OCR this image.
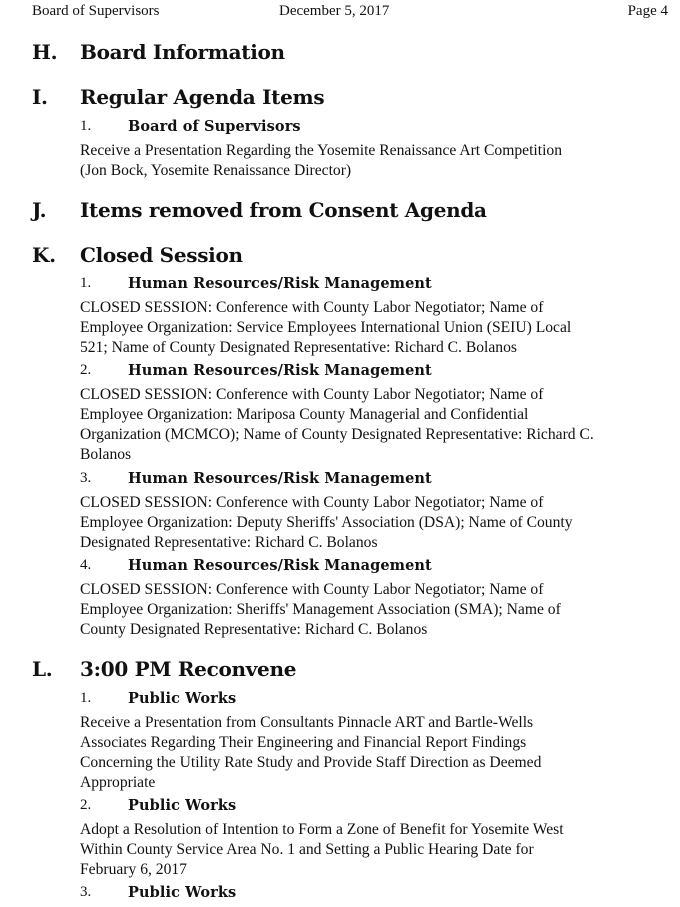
Board of Supervisors	December 5, 2017	Page 4
H. Board Information
I. Regular Agenda Items
1.	Board of Supervisors
Receive a Presentation Regarding the Yosemite Renaissance Art Competition
(Jon Bock, Yosemite Renaissance Director)
J. Items removed from Consent Agenda
K. Closed Session
1.	Human Resources/Risk Management
CLOSED SESSION: Conference with County Labor Negotiator; Name of
Employee Organization: Service Employees International Union (SEIU) Local
521; Name of County Designated Representative: Richard C. Bolanos
2.	Human Resources/Risk Management
CLOSED SESSION: Conference with County Labor Negotiator; Name of
Employee Organization: Mariposa County Managerial and Confidential
Organization (MCMCO); Name of County Designated Representative: Richard C.
Bolanos
3.	Human Resources/Risk Management
CLOSED SESSION: Conference with County Labor Negotiator; Name of
Employee Organization: Deputy Sheriffs' Association (DSA); Name of County
Designated Representative: Richard C. Bolanos
4.	Human Resources/Risk Management
CLOSED SESSION: Conference with County Labor Negotiator; Name of
Employee Organization: Sheriffs' Management Association (SMA); Name of
County Designated Representative: Richard C. Bolanos
L. 3:00 PM Reconvene
1.	Public Works
Receive a Presentation from Consultants Pinnacle ART and Bartle-Wells
Associates Regarding Their Engineering and Financial Report Findings
Concerning the Utility Rate Study and Provide Staff Direction as Deemed
Appropriate
2.	Public Works
Adopt a Resolution of Intention to Form a Zone of Benefit for Yosemite West
Within County Service Area No. 1 and Setting a Public Hearing Date for
February 6, 2017
3.	Public Works
